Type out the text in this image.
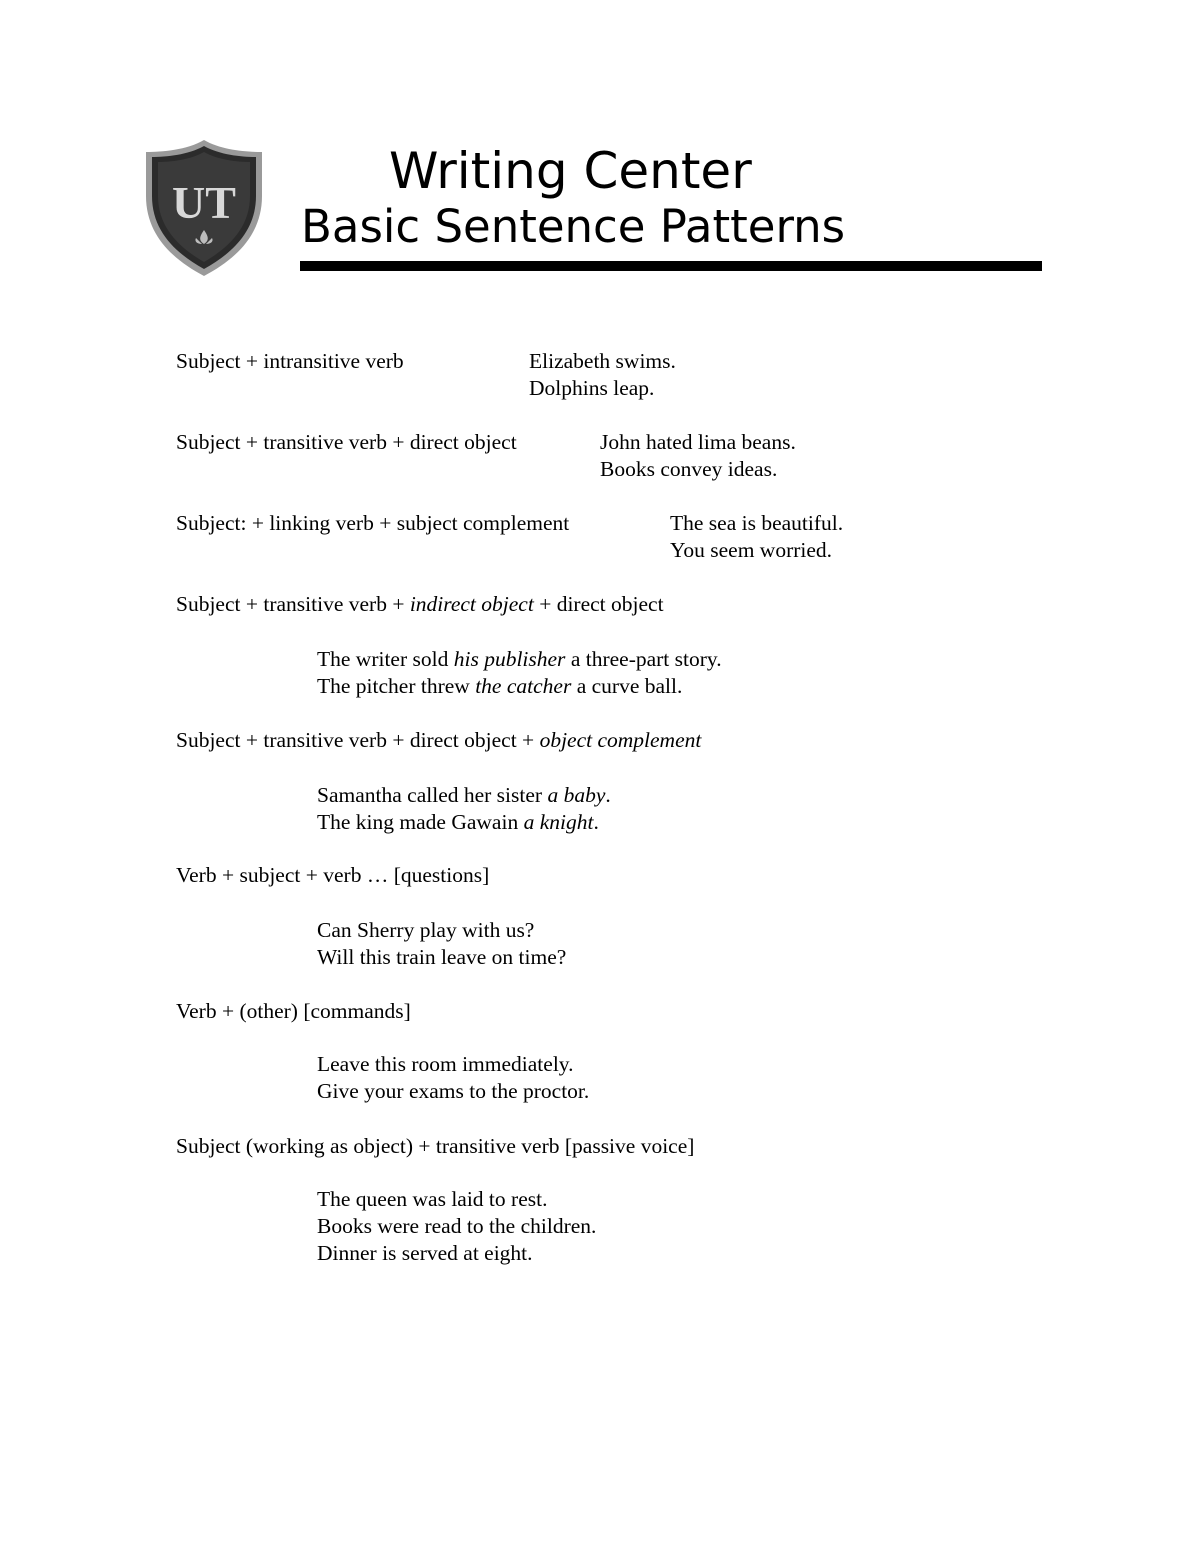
UT
Writing Center
Basic Sentence Patterns
Subject + intransitive verb	Elizabeth swims.
Dolphins leap.
Subject + transitive verb + direct object	John hated lima beans.
Books convey ideas.
Subject: + linking verb + subject complement	The sea is beautiful.
You seem worried.
Subject + transitive verb + indirect object + direct object
The writer sold his publisher a three-part story.
The pitcher threw the catcher a curve ball.
Subject + transitive verb + direct object + object complement
Samantha called her sister a baby.
The king made Gawain a knight.
Verb + subject + verb … [questions]
Can Sherry play with us?
Will this train leave on time?
Verb + (other) [commands]
Leave this room immediately.
Give your exams to the proctor.
Subject (working as object) + transitive verb [passive voice]
The queen was laid to rest.
Books were read to the children.
Dinner is served at eight.
